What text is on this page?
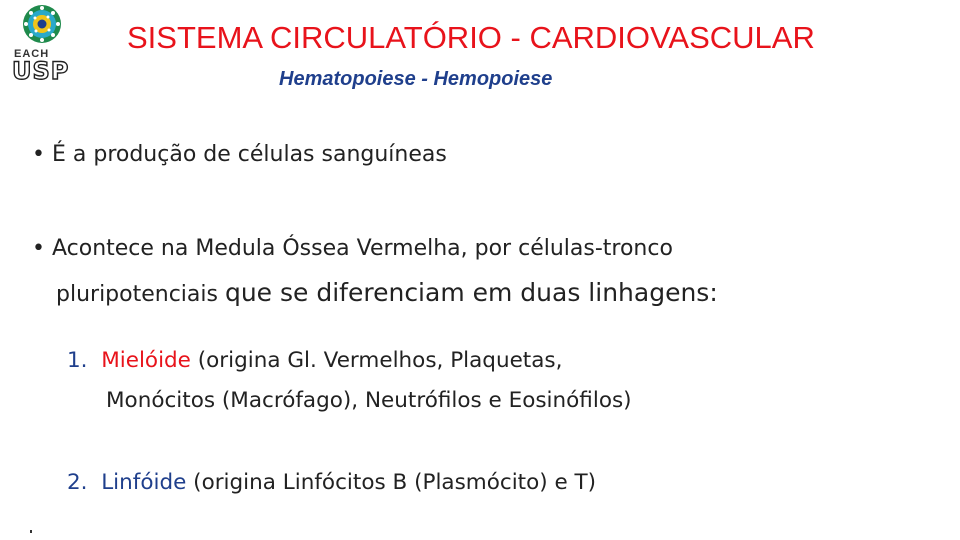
EACH
USP
SISTEMA CIRCULATÓRIO - CARDIOVASCULAR
Hematopoiese - Hemopoiese
• É a produção de células sanguíneas
• Acontece na Medula Óssea Vermelha, por células-tronco
pluripotenciais que se diferenciam em duas linhagens:
1. Mielóide (origina Gl. Vermelhos, Plaquetas,
Monócitos (Macrófago), Neutrófilos e Eosinófilos)
2. Linfóide (origina Linfócitos B (Plasmócito) e T)
